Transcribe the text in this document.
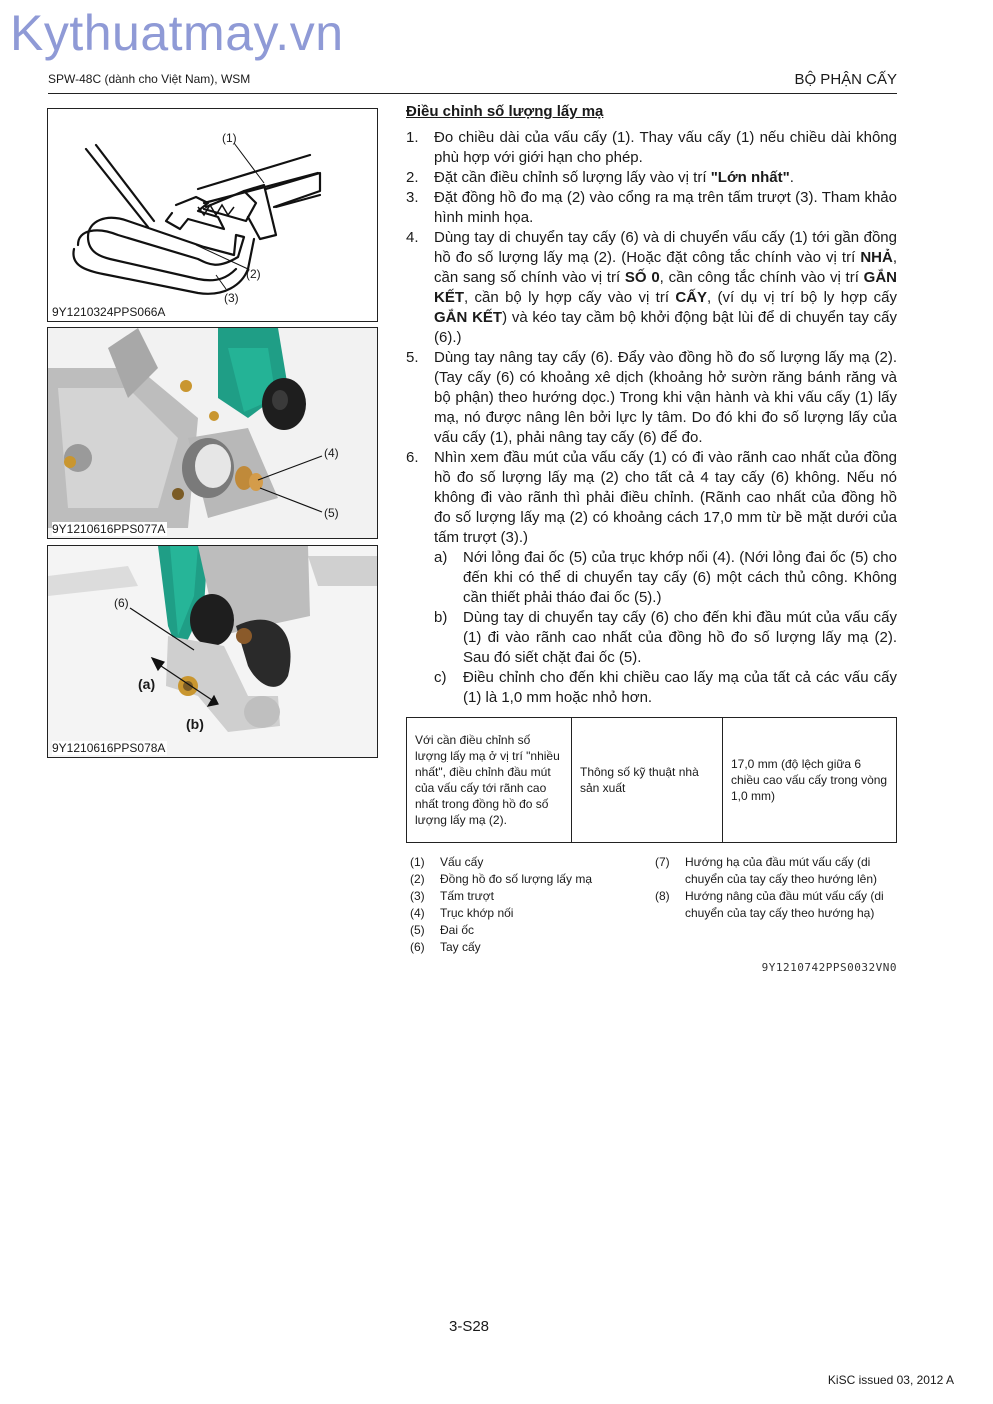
Kythuatmay.vn
SPW-48C (dành cho Việt Nam), WSM	BỘ PHẬN CẤY
(1)
(2)
(3)
9Y1210324PPS066A
(4)
(5)
9Y1210616PPS077A
(6)
(a)
(b)
9Y1210616PPS078A
Điều chỉnh số lượng lấy mạ
1. Đo chiều dài của vấu cấy (1). Thay vấu cấy (1) nếu chiều dài không phù hợp với giới hạn cho phép.
2. Đặt cần điều chỉnh số lượng lấy vào vị trí "Lớn nhất".
3. Đặt đồng hồ đo mạ (2) vào cổng ra mạ trên tấm trượt (3). Tham khảo hình minh họa.
4. Dùng tay di chuyển tay cấy (6) và di chuyển vấu cấy (1) tới gần đồng hồ đo số lượng lấy mạ (2). (Hoặc đặt công tắc chính vào vị trí NHẢ, cần sang số chính vào vị trí SỐ 0, cần công tắc chính vào vị trí GẮN KẾT, cần bộ ly hợp cấy vào vị trí CẤY, (ví dụ vị trí bộ ly hợp cấy GẮN KẾT) và kéo tay cầm bộ khởi động bật lùi để di chuyển tay cấy (6).)
5. Dùng tay nâng tay cấy (6). Đẩy vào đồng hồ đo số lượng lấy mạ (2). (Tay cấy (6) có khoảng xê dịch (khoảng hở sườn răng bánh răng và bộ phận) theo hướng dọc.) Trong khi vận hành và khi vấu cấy (1) lấy mạ, nó được nâng lên bởi lực ly tâm. Do đó khi đo số lượng lấy của vấu cấy (1), phải nâng tay cấy (6) để đo.
6. Nhìn xem đầu mút của vấu cấy (1) có đi vào rãnh cao nhất của đồng hồ đo số lượng lấy mạ (2) cho tất cả 4 tay cấy (6) không. Nếu nó không đi vào rãnh thì phải điều chỉnh. (Rãnh cao nhất của đồng hồ đo số lượng lấy mạ (2) có khoảng cách 17,0 mm từ bề mặt dưới của tấm trượt (3).)
a) Nới lỏng đai ốc (5) của trục khớp nối (4). (Nới lỏng đai ốc (5) cho đến khi có thể di chuyển tay cấy (6) một cách thủ công. Không cần thiết phải tháo đai ốc (5).)
b) Dùng tay di chuyển tay cấy (6) cho đến khi đầu mút của vấu cấy (1) đi vào rãnh cao nhất của đồng hồ đo số lượng lấy mạ (2). Sau đó siết chặt đai ốc (5).
c) Điều chỉnh cho đến khi chiều cao lấy mạ của tất cả các vấu cấy (1) là 1,0 mm hoặc nhỏ hơn.
Với cần điều chỉnh số lượng lấy mạ ở vị trí "nhiều nhất", điều chỉnh đầu mút của vấu cấy tới rãnh cao nhất trong đồng hồ đo số lượng lấy mạ (2).	Thông số kỹ thuật nhà sản xuất	17,0 mm (độ lệch giữa 6 chiều cao vấu cấy trong vòng 1,0 mm)
(1) Vấu cấy
(2) Đồng hồ đo số lượng lấy mạ
(3) Tấm trượt
(4) Trục khớp nối
(5) Đai ốc
(6) Tay cấy
(7) Hướng hạ của đầu mút vấu cấy (di chuyển của tay cấy theo hướng lên)
(8) Hướng nâng của đầu mút vấu cấy (di chuyển của tay cấy theo hướng hạ)
9Y1210742PPS0032VN0
3-S28
KiSC issued 03, 2012 A
